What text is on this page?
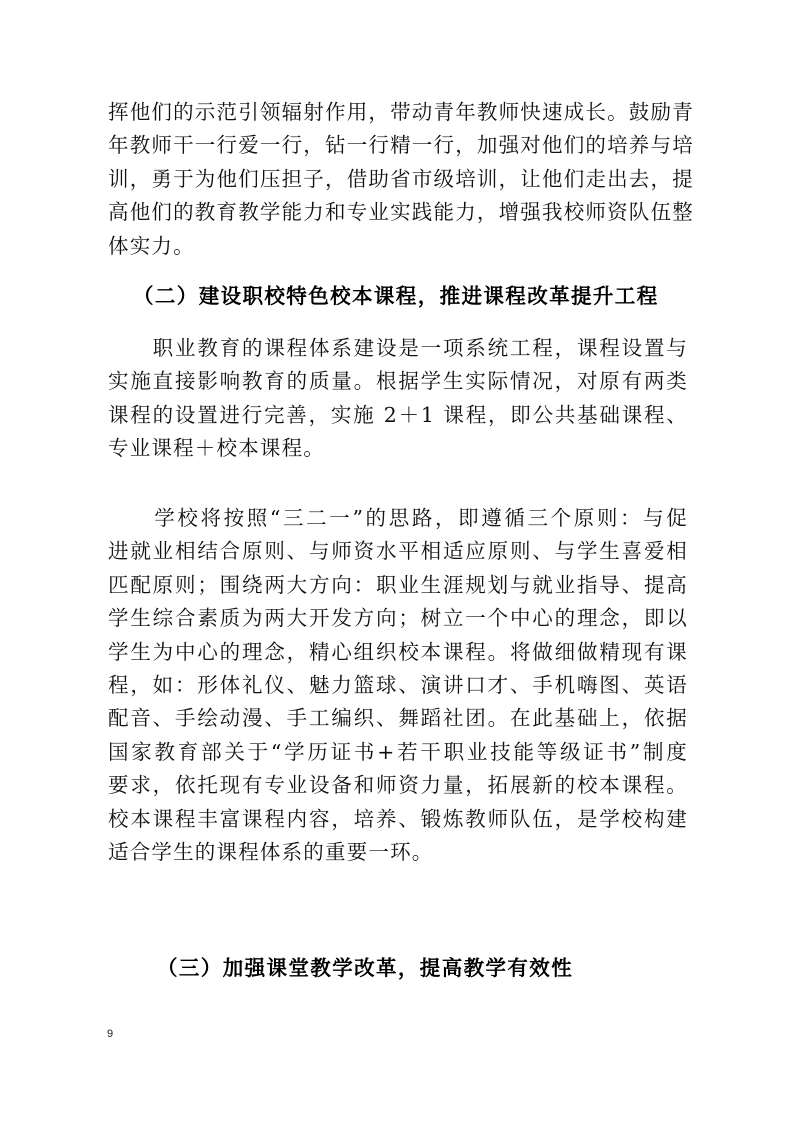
挥他们的示范引领辐射作用，带动青年教师快速成长。鼓励青
年教师干一行爱一行，钻一行精一行，加强对他们的培养与培
训，勇于为他们压担子，借助省市级培训，让他们走出去，提
高他们的教育教学能力和专业实践能力，增强我校师资队伍整
体实力。
（二）建设职校特色校本课程，推进课程改革提升工程
　　职业教育的课程体系建设是一项系统工程，课程设置与
实施直接影响教育的质量。根据学生实际情况，对原有两类
课程的设置进行完善，实施 2＋1 课程，即公共基础课程、
专业课程＋校本课程。
　　学校将按照“三二一”的思路，即遵循三个原则：与促
进就业相结合原则、与师资水平相适应原则、与学生喜爱相
匹配原则；围绕两大方向：职业生涯规划与就业指导、提高
学生综合素质为两大开发方向；树立一个中心的理念，即以
学生为中心的理念，精心组织校本课程。将做细做精现有课
程，如：形体礼仪、魅力篮球、演讲口才、手机嗨图、英语
配音、手绘动漫、手工编织、舞蹈社团。在此基础上，依据
国家教育部关于“学历证书+若干职业技能等级证书”制度
要求，依托现有专业设备和师资力量，拓展新的校本课程。
校本课程丰富课程内容，培养、锻炼教师队伍，是学校构建
适合学生的课程体系的重要一环。
（三）加强课堂教学改革，提高教学有效性
9
